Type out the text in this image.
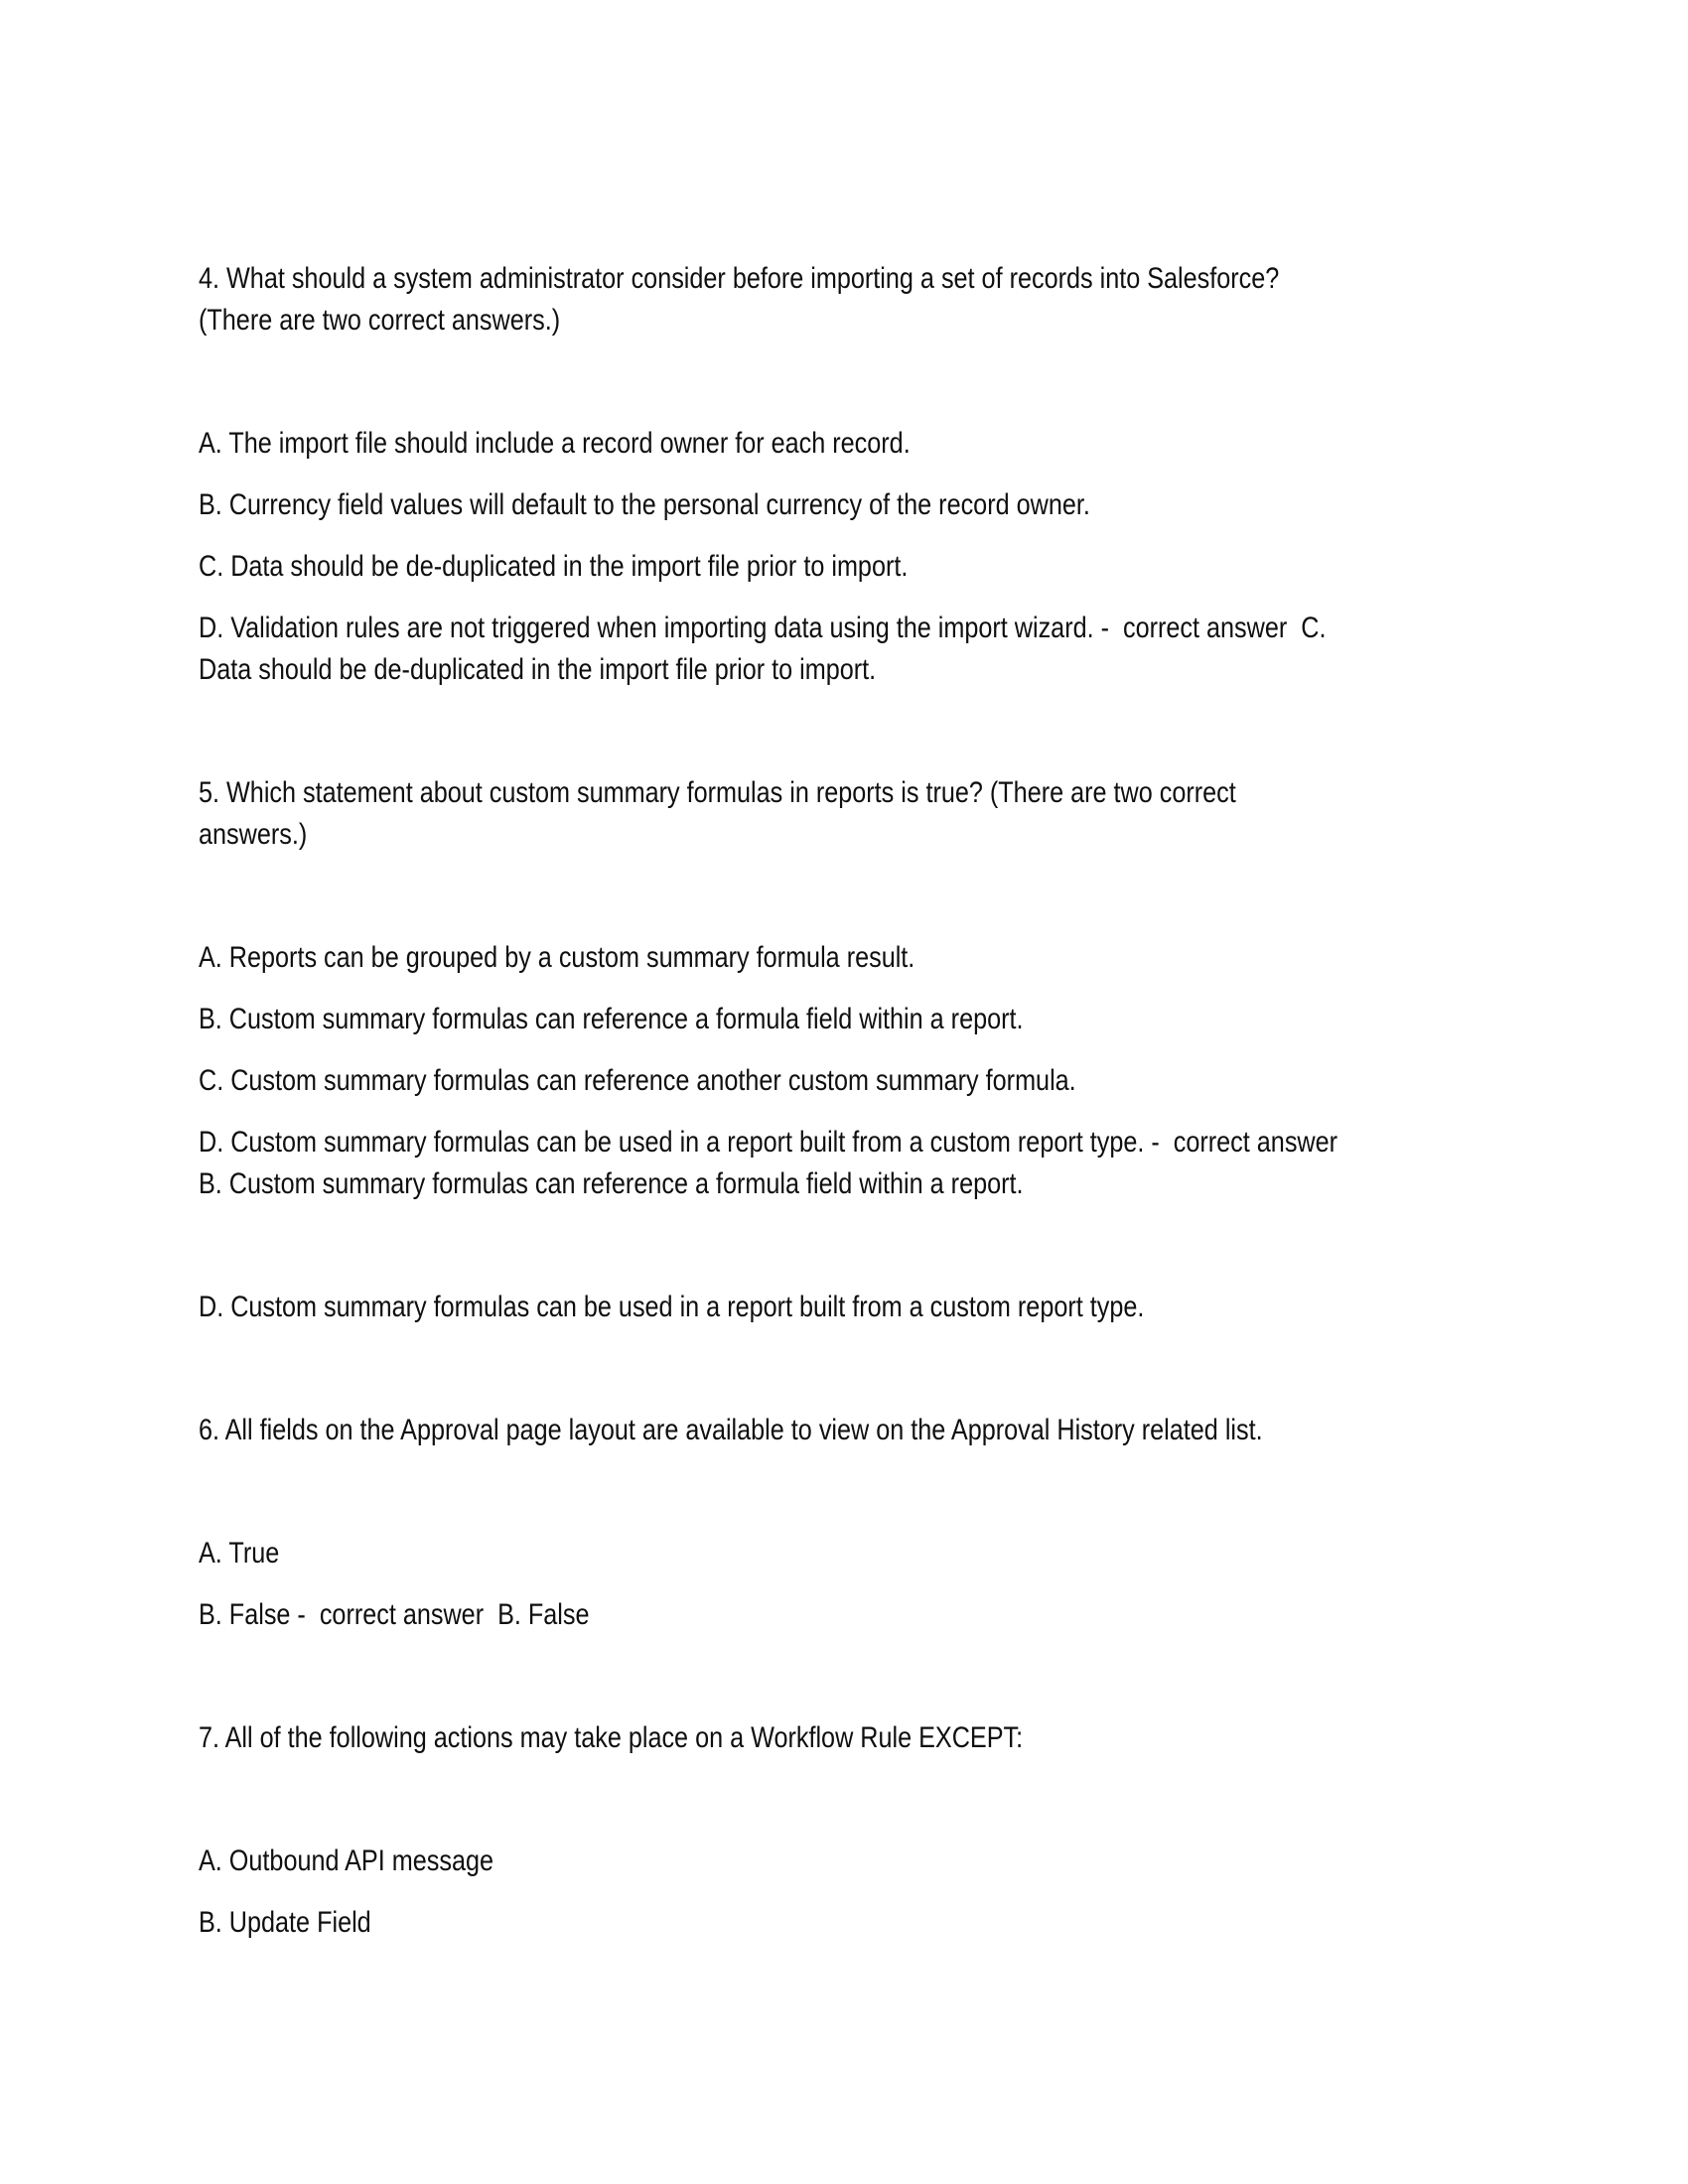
4. What should a system administrator consider before importing a set of records into Salesforce?
(There are two correct answers.)

A. The import file should include a record owner for each record.

B. Currency field values will default to the personal currency of the record owner.

C. Data should be de-duplicated in the import file prior to import.

D. Validation rules are not triggered when importing data using the import wizard. -  correct answer  C.
Data should be de-duplicated in the import file prior to import.

5. Which statement about custom summary formulas in reports is true? (There are two correct
answers.)

A. Reports can be grouped by a custom summary formula result.

B. Custom summary formulas can reference a formula field within a report.

C. Custom summary formulas can reference another custom summary formula.

D. Custom summary formulas can be used in a report built from a custom report type. -  correct answer
B. Custom summary formulas can reference a formula field within a report.

D. Custom summary formulas can be used in a report built from a custom report type.

6. All fields on the Approval page layout are available to view on the Approval History related list.

A. True

B. False -  correct answer  B. False

7. All of the following actions may take place on a Workflow Rule EXCEPT:

A. Outbound API message

B. Update Field
